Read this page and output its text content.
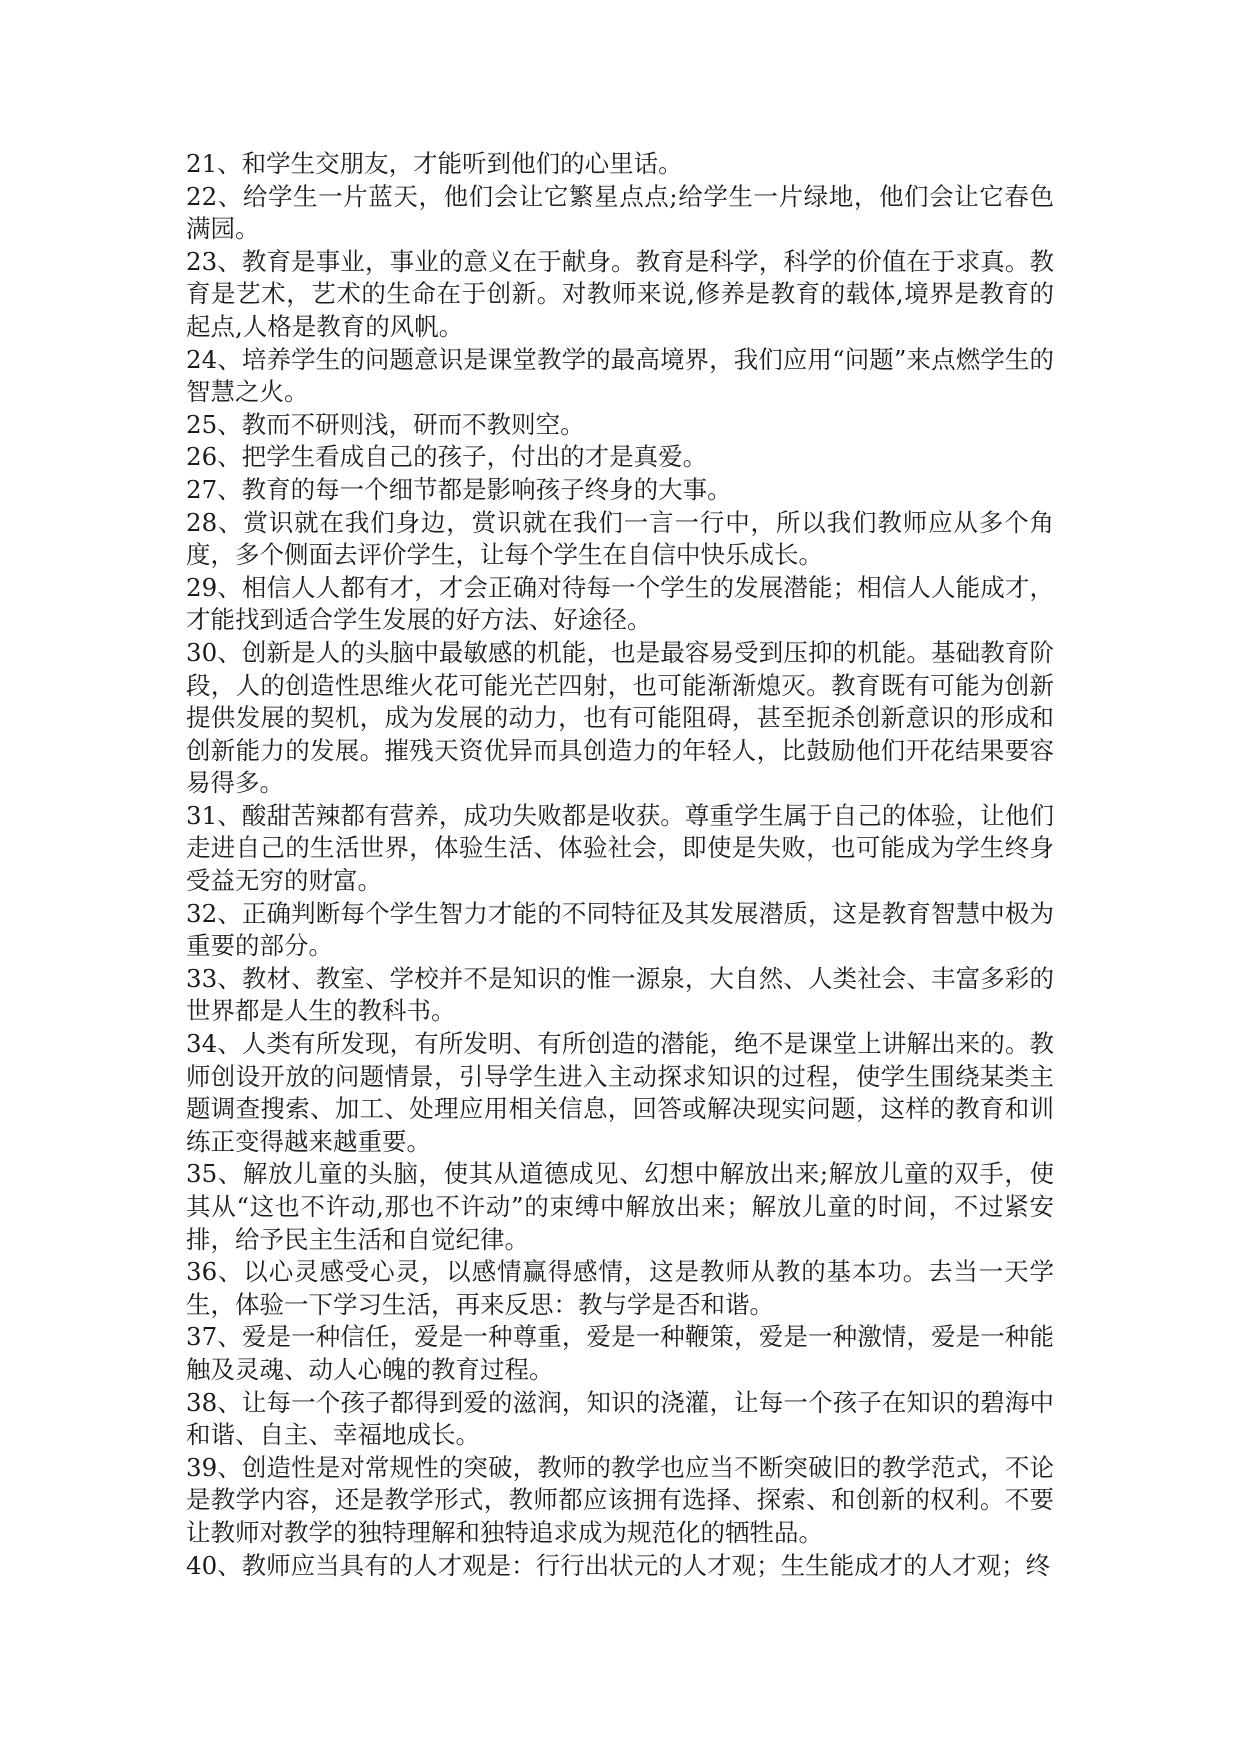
21、和学生交朋友，才能听到他们的心里话。

22、给学生一片蓝天，他们会让它繁星点点;给学生一片绿地，他们会让它春色满园。

23、教育是事业，事业的意义在于献身。教育是科学，科学的价值在于求真。教育是艺术，艺术的生命在于创新。对教师来说,修养是教育的载体,境界是教育的起点,人格是教育的风帆。

24、培养学生的问题意识是课堂教学的最高境界，我们应用“问题”来点燃学生的智慧之火。

25、教而不研则浅，研而不教则空。

26、把学生看成自己的孩子，付出的才是真爱。

27、教育的每一个细节都是影响孩子终身的大事。

28、赏识就在我们身边，赏识就在我们一言一行中，所以我们教师应从多个角度，多个侧面去评价学生，让每个学生在自信中快乐成长。

29、相信人人都有才，才会正确对待每一个学生的发展潜能；相信人人能成才，才能找到适合学生发展的好方法、好途径。

30、创新是人的头脑中最敏感的机能，也是最容易受到压抑的机能。基础教育阶段，人的创造性思维火花可能光芒四射，也可能渐渐熄灭。教育既有可能为创新提供发展的契机，成为发展的动力，也有可能阻碍，甚至扼杀创新意识的形成和创新能力的发展。摧残天资优异而具创造力的年轻人，比鼓励他们开花结果要容易得多。

31、酸甜苦辣都有营养，成功失败都是收获。尊重学生属于自己的体验，让他们走进自己的生活世界，体验生活、体验社会，即使是失败，也可能成为学生终身受益无穷的财富。

32、正确判断每个学生智力才能的不同特征及其发展潜质，这是教育智慧中极为重要的部分。

33、教材、教室、学校并不是知识的惟一源泉，大自然、人类社会、丰富多彩的世界都是人生的教科书。

34、人类有所发现，有所发明、有所创造的潜能，绝不是课堂上讲解出来的。教师创设开放的问题情景，引导学生进入主动探求知识的过程，使学生围绕某类主题调查搜索、加工、处理应用相关信息，回答或解决现实问题，这样的教育和训练正变得越来越重要。

35、解放儿童的头脑，使其从道德成见、幻想中解放出来;解放儿童的双手，使其从“这也不许动,那也不许动”的束缚中解放出来；解放儿童的时间，不过紧安排，给予民主生活和自觉纪律。

36、以心灵感受心灵，以感情赢得感情，这是教师从教的基本功。去当一天学生，体验一下学习生活，再来反思：教与学是否和谐。

37、爱是一种信任，爱是一种尊重，爱是一种鞭策，爱是一种激情，爱是一种能触及灵魂、动人心魄的教育过程。

38、让每一个孩子都得到爱的滋润，知识的浇灌，让每一个孩子在知识的碧海中和谐、自主、幸福地成长。

39、创造性是对常规性的突破，教师的教学也应当不断突破旧的教学范式，不论是教学内容，还是教学形式，教师都应该拥有选择、探索、和创新的权利。不要让教师对教学的独特理解和独特追求成为规范化的牺牲品。

40、教师应当具有的人才观是：行行出状元的人才观；生生能成才的人才观；终
